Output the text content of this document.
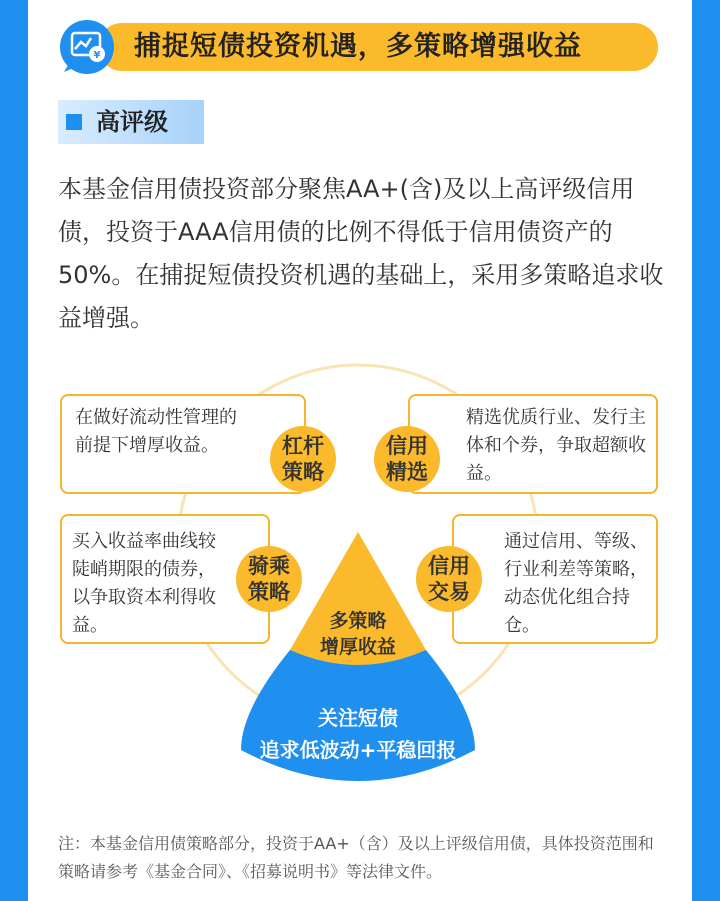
捕捉短债投资机遇，多策略增强收益
¥
高评级
本基金信用债投资部分聚焦AA+(含)及以上高评级信用债，投资于AAA信用债的比例不得低于信用债资产的50%。在捕捉短债投资机遇的基础上，采用多策略追求收益增强。
在做好流动性管理的前提下增厚收益。	杠杆
策略
精选优质行业、发行主体和个券，争取超额收益。
信用
精选
买入收益率曲线较陡峭期限的债券，以争取资本利得收益。
骑乘
策略
通过信用、等级、行业利差等策略，动态优化组合持仓。
信用
交易
多策略
增厚收益
关注短债
追求低波动+平稳回报
注：本基金信用债策略部分，投资于AA+（含）及以上评级信用债，具体投资范围和策略请参考《基金合同》、《招募说明书》等法律文件。
